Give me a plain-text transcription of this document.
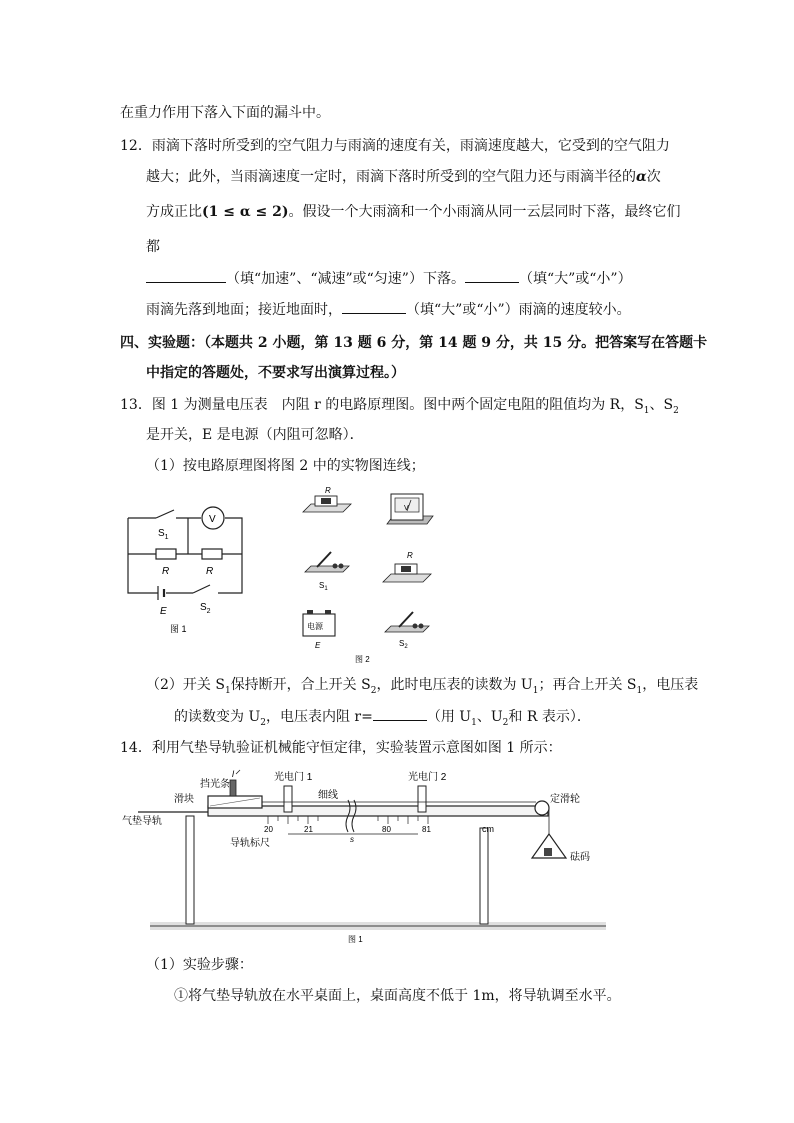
在重力作用下落入下面的漏斗中。
12．雨滴下落时所受到的空气阻力与雨滴的速度有关，雨滴速度越大，它受到的空气阻力
越大；此外，当雨滴速度一定时，雨滴下落时所受到的空气阻力还与雨滴半径的α次
方成正比(1 ≤ α ≤ 2)。假设一个大雨滴和一个小雨滴从同一云层同时下落，最终它们
都
（填“加速”、“减速”或“匀速”）下落。	（填“大”或“小”）
雨滴先落到地面；接近地面时，	（填“大”或“小”）雨滴的速度较小。
四、实验题：（本题共 2 小题，第 13 题 6 分，第 14 题 9 分，共 15 分。把答案写在答题卡
中指定的答题处，不要求写出演算过程。）
13．图 1 为测量电压表　内阻 r 的电路原理图。图中两个固定电阻的阻值均为 R，$S_1$、$S_2$
是开关，E 是电源（内阻可忽略）．
（1）按电路原理图将图 2 中的实物图连线；
V
$S_1$
R	R
E	$S_2$
图 1
R
V
$S_1$
R
电源
E	$S_2$
图 2
（2）开关 $S_1$保持断开，合上开关 $S_2$，此时电压表的读数为 $U_1$；再合上开关 $S_1$，电压表
的读数变为 $U_2$，电压表内阻 r=	（用 $U_1$、$U_2$和 R 表示）．
14．利用气垫导轨验证机械能守恒定律，实验装置示意图如图 1 所示：
挡光条
l	光电门 1	光电门 2
细线	定滑轮
滑块
气垫导轨
导轨标尺
20	21	80	81	cm
s
砝码
图 1
（1）实验步骤：
①将气垫导轨放在水平桌面上，桌面高度不低于 1m，将导轨调至水平。
